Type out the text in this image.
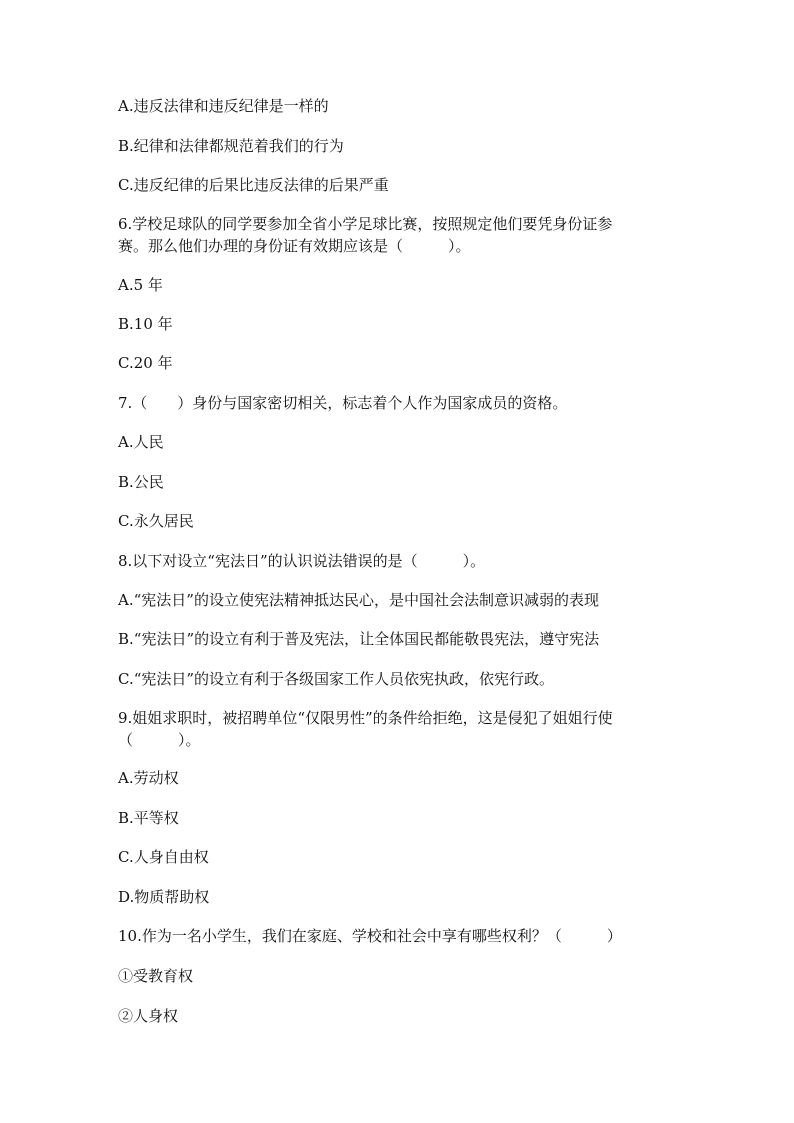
A.违反法律和违反纪律是一样的
B.纪律和法律都规范着我们的行为
C.违反纪律的后果比违反法律的后果严重
6.学校足球队的同学要参加全省小学足球比赛，按照规定他们要凭身份证参
赛。那么他们办理的身份证有效期应该是（　　　）。
A.5 年
B.10 年
C.20 年
7.（　　）身份与国家密切相关，标志着个人作为国家成员的资格。
A.人民
B.公民
C.永久居民
8.以下对设立“宪法日”的认识说法错误的是（　　　）。
A.“宪法日”的设立使宪法精神抵达民心，是中国社会法制意识减弱的表现
B.“宪法日”的设立有利于普及宪法，让全体国民都能敬畏宪法，遵守宪法
C.“宪法日”的设立有利于各级国家工作人员依宪执政，依宪行政。
9.姐姐求职时，被招聘单位“仅限男性”的条件给拒绝，这是侵犯了姐姐行使
（　　　）。
A.劳动权
B.平等权
C.人身自由权
D.物质帮助权
10.作为一名小学生，我们在家庭、学校和社会中享有哪些权利？（　　　）
①受教育权
②人身权
